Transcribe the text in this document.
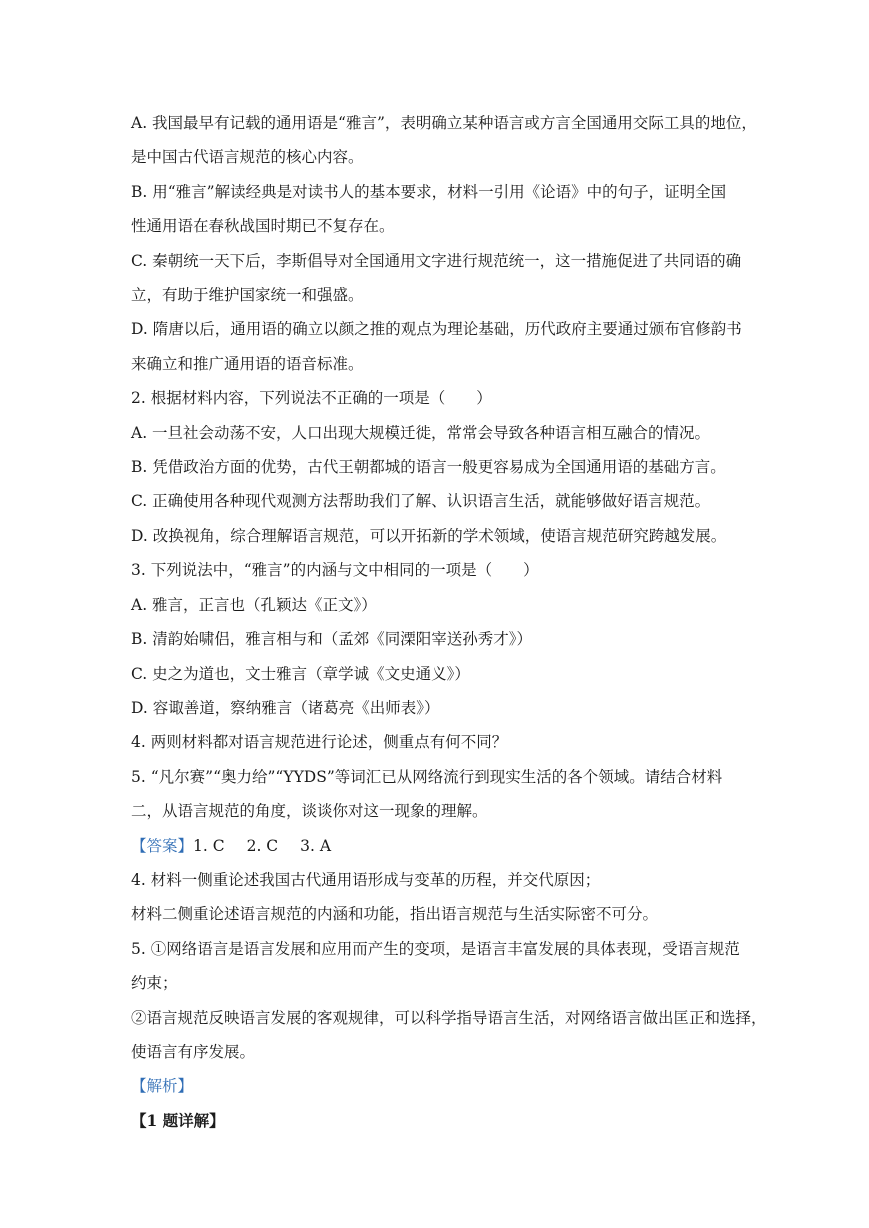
A. 我国最早有记载的通用语是“雅言”，表明确立某种语言或方言全国通用交际工具的地位，
是中国古代语言规范的核心内容。
B. 用“雅言”解读经典是对读书人的基本要求，材料一引用《论语》中的句子，证明全国
性通用语在春秋战国时期已不复存在。
C. 秦朝统一天下后，李斯倡导对全国通用文字进行规范统一，这一措施促进了共同语的确
立，有助于维护国家统一和强盛。
D. 隋唐以后，通用语的确立以颜之推的观点为理论基础，历代政府主要通过颁布官修韵书
来确立和推广通用语的语音标准。
2. 根据材料内容，下列说法不正确的一项是（　　）
A. 一旦社会动荡不安，人口出现大规模迁徙，常常会导致各种语言相互融合的情况。
B. 凭借政治方面的优势，古代王朝都城的语言一般更容易成为全国通用语的基础方言。
C. 正确使用各种现代观测方法帮助我们了解、认识语言生活，就能够做好语言规范。
D. 改换视角，综合理解语言规范，可以开拓新的学术领域，使语言规范研究跨越发展。
3. 下列说法中，“雅言”的内涵与文中相同的一项是（　　）
A. 雅言，正言也（孔颖达《正文》）
B. 清韵始啸侣，雅言相与和（孟郊《同溧阳宰送孙秀才》）
C. 史之为道也，文士雅言（章学诚《文史通义》）
D. 容诹善道，察纳雅言（诸葛亮《出师表》）
4. 两则材料都对语言规范进行论述，侧重点有何不同？
5. “凡尔赛”“奥力给”“YYDS”等词汇已从网络流行到现实生活的各个领域。请结合材料
二，从语言规范的角度，谈谈你对这一现象的理解。
【答案】1. C 2. C 3. A
4. 材料一侧重论述我国古代通用语形成与变革的历程，并交代原因；
材料二侧重论述语言规范的内涵和功能，指出语言规范与生活实际密不可分。
5. ①网络语言是语言发展和应用而产生的变项，是语言丰富发展的具体表现，受语言规范
约束；
②语言规范反映语言发展的客观规律，可以科学指导语言生活，对网络语言做出匡正和选择，
使语言有序发展。
【解析】
【1 题详解】
